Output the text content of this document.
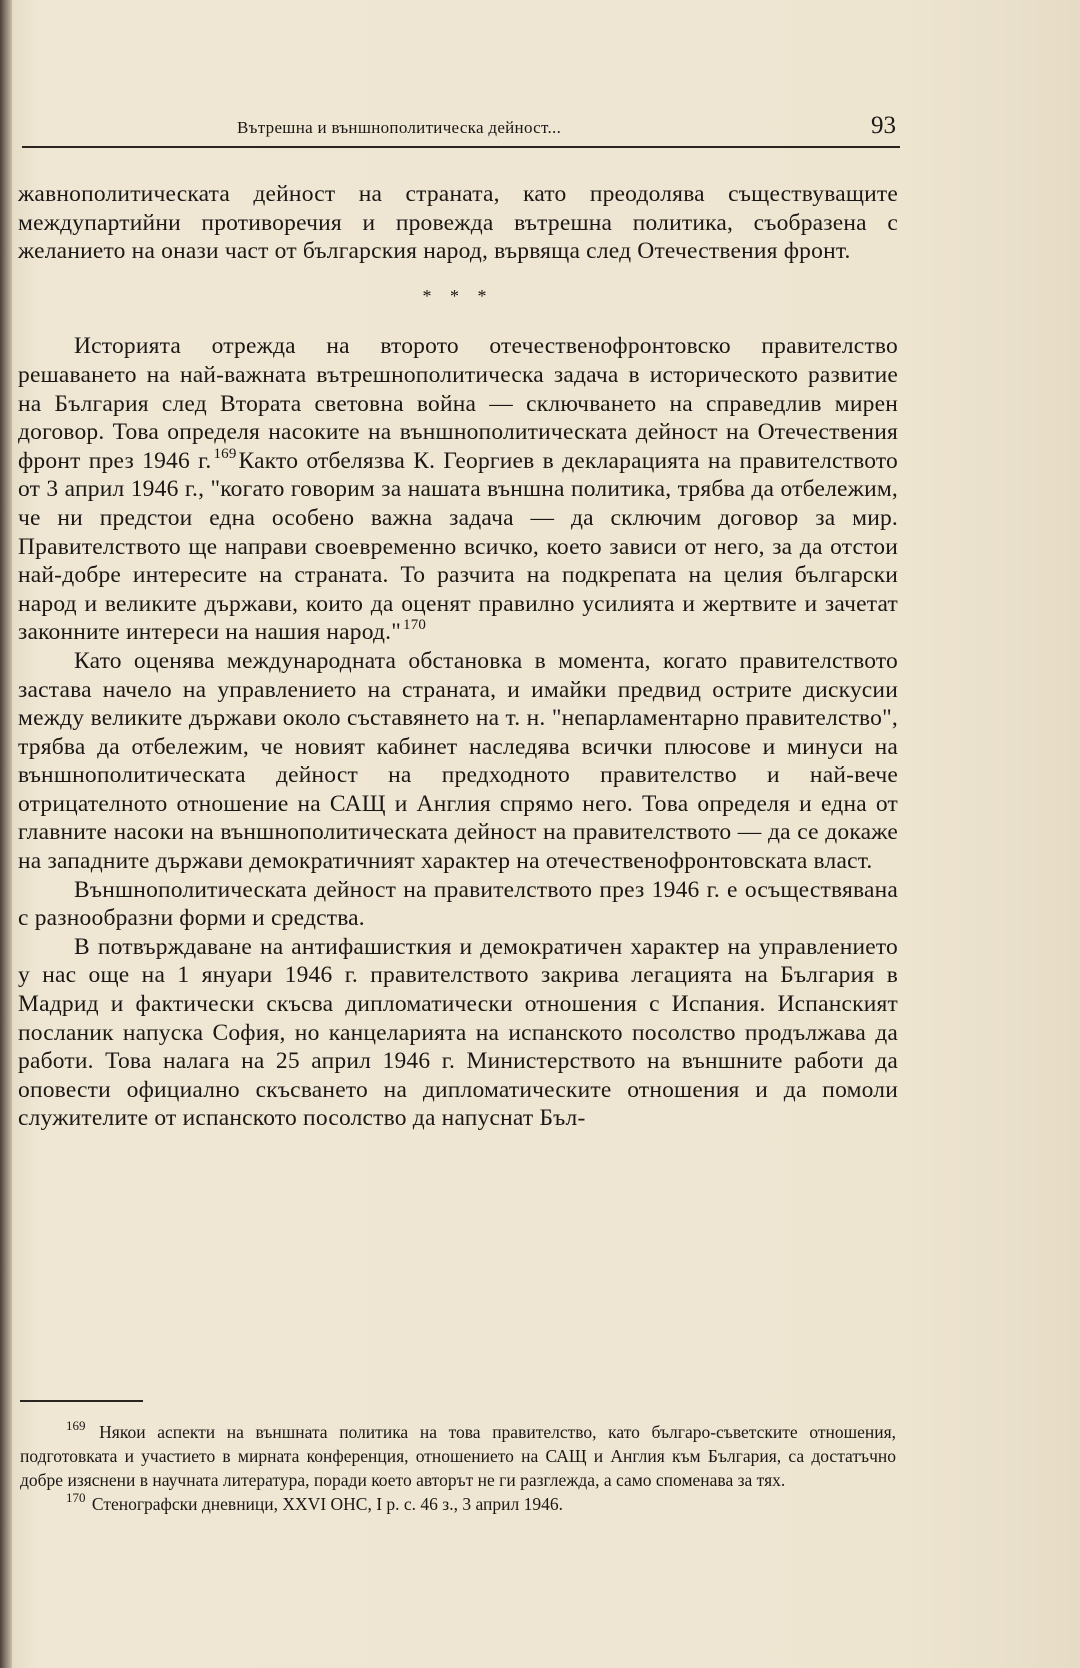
Вътрешна и външнополитическа дейност...	93

жавнополитическата дейност на страната, като преодолява съществуващите междупартийни противоречия и провежда вътрешна политика, съобразена с желанието на онази част от българския народ, вървяща след Отечествения фронт.

* * *

Историята отрежда на второто отечественофронтовско правителство решаването на най-важната вътрешнополитическа задача в историческото развитие на България след Втората световна война — сключването на справедлив мирен договор. Това определя насоките на външнополитическата дейност на Отечествения фронт през 1946 г. $^{169}$Както отбелязва К. Георгиев в декларацията на правителството от 3 април 1946 г., "когато говорим за нашата външна политика, трябва да отбележим, че ни предстои една особено важна задача — да сключим договор за мир. Правителството ще направи своевременно всичко, което зависи от него, за да отстои най-добре интересите на страната. То разчита на подкрепата на целия български народ и великите държави, които да оценят правилно усилията и жертвите и зачетат законните интереси на нашия народ." $^{170}$

Като оценява международната обстановка в момента, когато правителството застава начело на управлението на страната, и имайки предвид острите дискусии между великите държави около съставянето на т. н. "непарламентарно правителство", трябва да отбележим, че новият кабинет наследява всички плюсове и минуси на външнополитическата дейност на предходното правителство и най-вече отрицателното отношение на САЩ и Англия спрямо него. Това определя и една от главните насоки на външнополитическата дейност на правителството — да се докаже на западните държави демократичният характер на отечественофронтовската власт.

Външнополитическата дейност на правителството през 1946 г. е осъществявана с разнообразни форми и средства.

В потвърждаване на антифашисткия и демократичен характер на управлението у нас още на 1 януари 1946 г. правителството закрива легацията на България в Мадрид и фактически скъсва дипломатически отношения с Испания. Испанският посланик напуска София, но канцеларията на испанското посолство продължава да работи. Това налага на 25 април 1946 г. Министерството на външните работи да оповести официално скъсването на дипломатическите отношения и да помоли служителите от испанското посолство да напуснат Бъл-

$^{169}$ Някои аспекти на външната политика на това правителство, като българо-съветските отношения, подготовката и участието в мирната конференция, отношението на САЩ и Англия към България, са достатъчно добре изяснени в научната литература, поради което авторът не ги разглежда, а само споменава за тях.

$^{170}$ Стенографски дневници, XXVI ОНС, I р. с. 46 з., 3 април 1946.
